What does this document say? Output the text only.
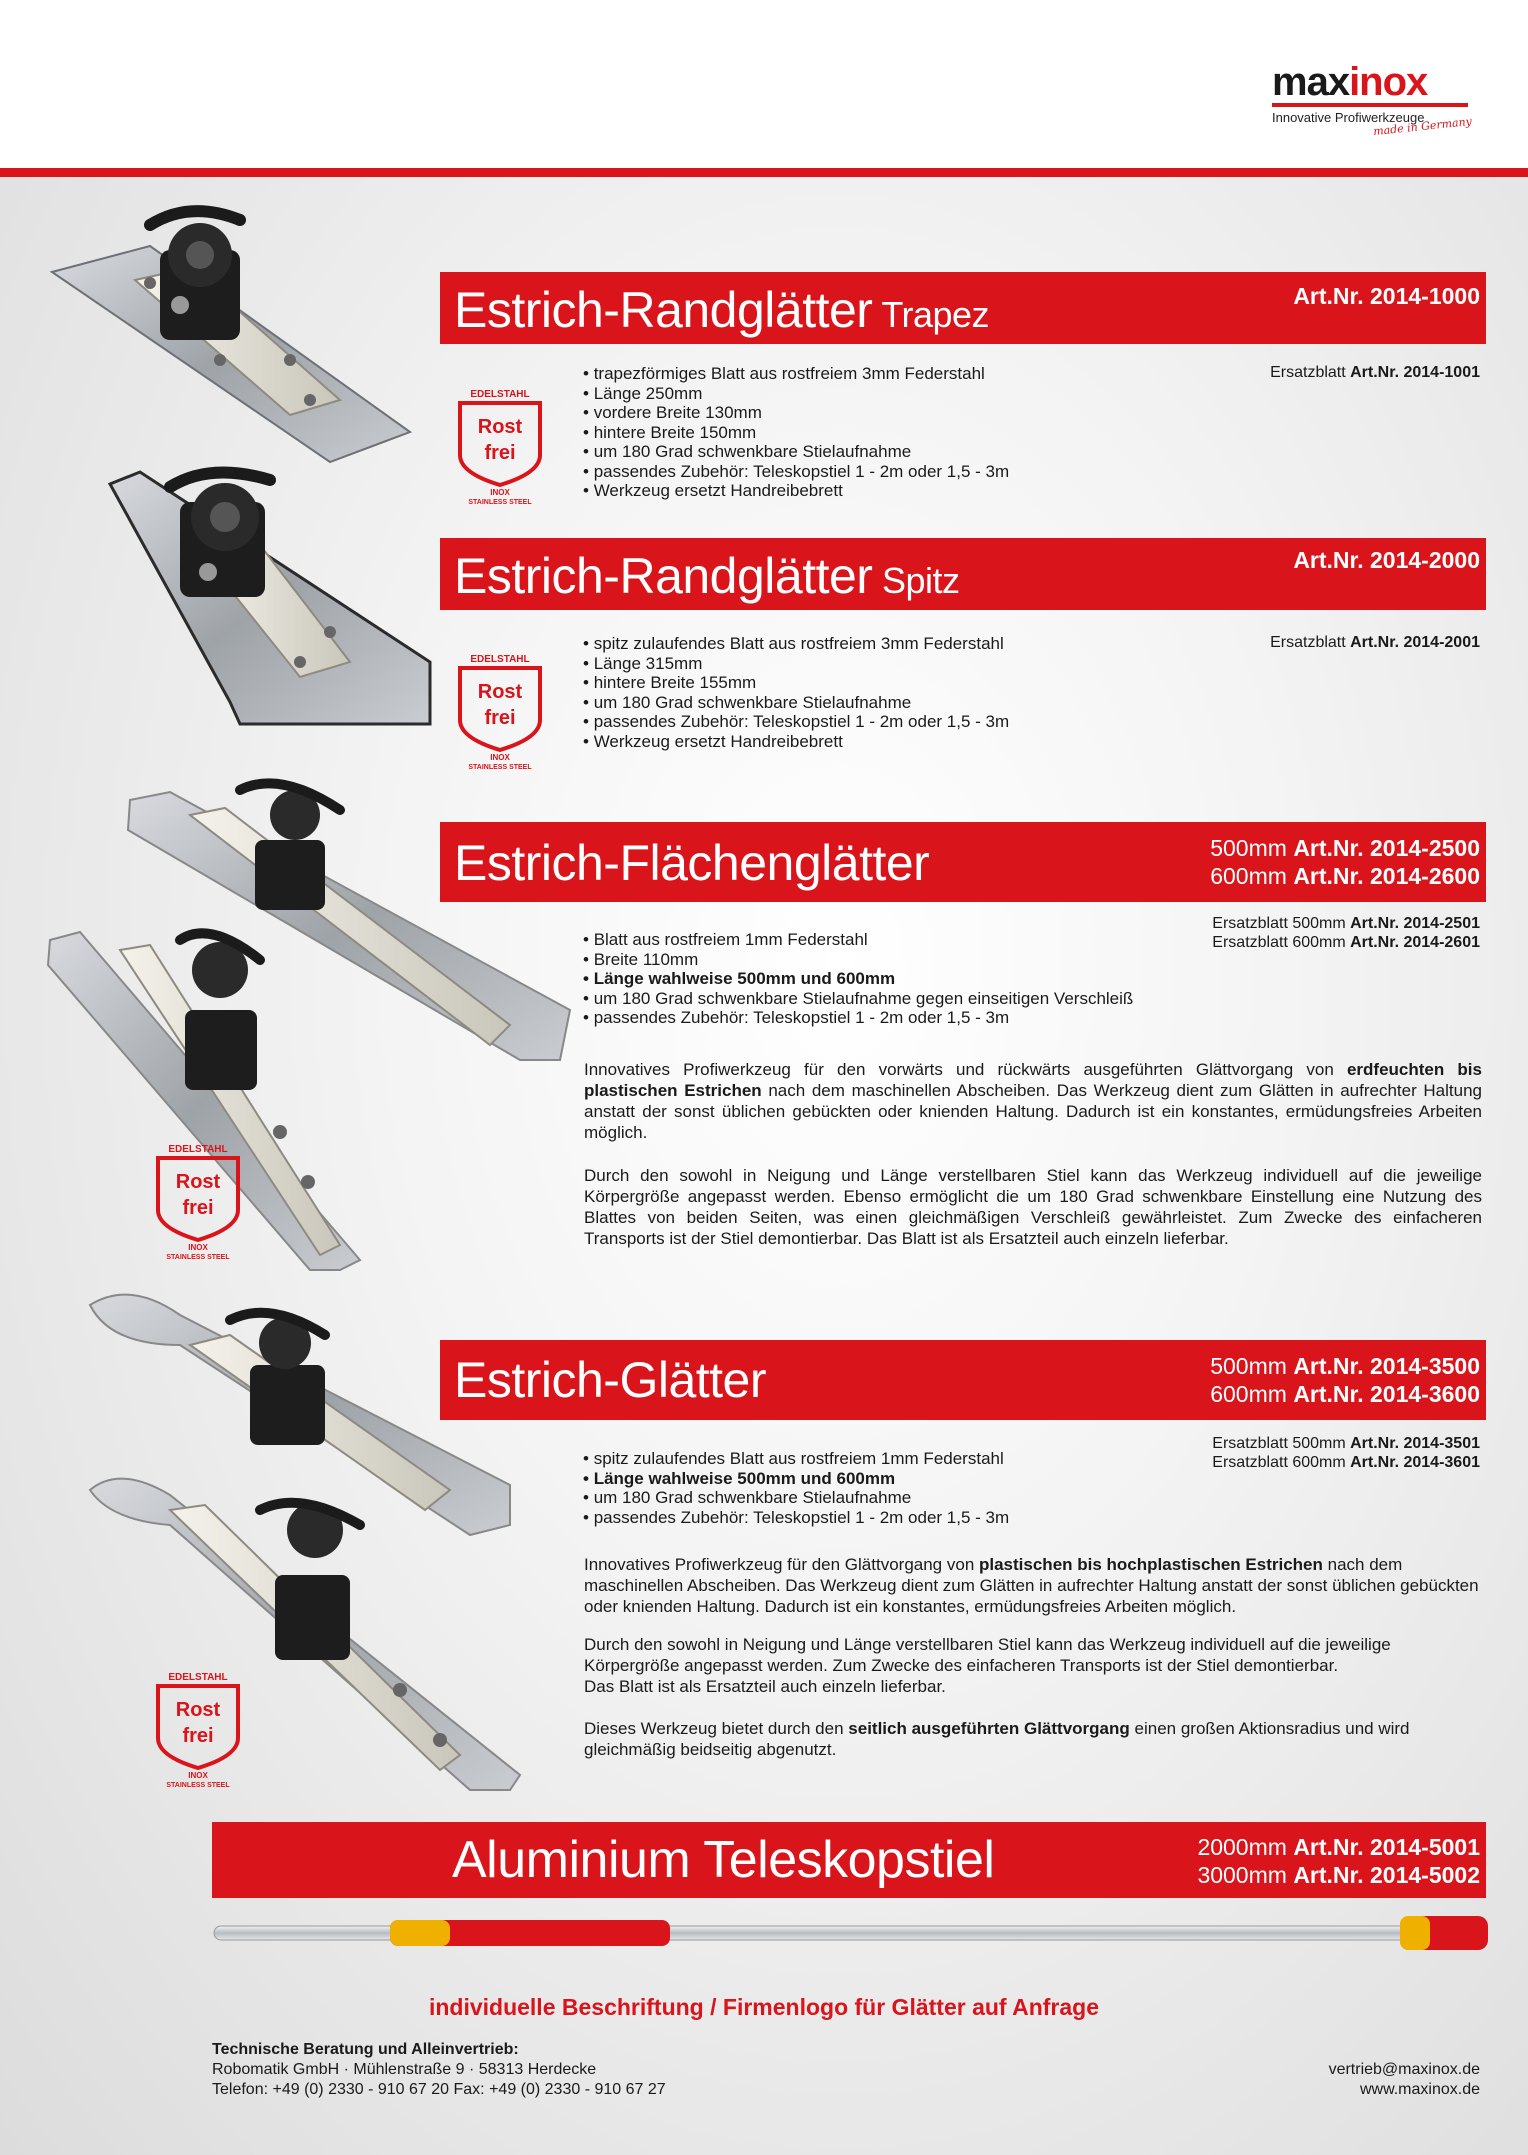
maxinox
Innovative Profiwerkzeuge
made in Germany
EDELSTAHL
Rost
frei
INOX
STAINLESS STEEL
Estrich-Randglätter Trapez	Art.Nr. 2014-1000
Ersatzblatt Art.Nr. 2014-1001
• trapezförmiges Blatt aus rostfreiem 3mm Federstahl
• Länge 250mm
• vordere Breite 130mm
• hintere Breite 150mm
• um 180 Grad schwenkbare Stielaufnahme
• passendes Zubehör: Teleskopstiel 1 - 2m oder 1,5 - 3m
• Werkzeug ersetzt Handreibebrett
EDELSTAHL
Rost
frei
INOX
STAINLESS STEEL
Estrich-Randglätter Spitz	Art.Nr. 2014-2000
Ersatzblatt Art.Nr. 2014-2001
• spitz zulaufendes Blatt aus rostfreiem 3mm Federstahl
• Länge 315mm
• hintere Breite 155mm
• um 180 Grad schwenkbare Stielaufnahme
• passendes Zubehör: Teleskopstiel 1 - 2m oder 1,5 - 3m
• Werkzeug ersetzt Handreibebrett
EDELSTAHL
Rost
frei
INOX
STAINLESS STEEL
Estrich-Flächenglätter	500mm Art.Nr. 2014-2500
600mm Art.Nr. 2014-2600
Ersatzblatt 500mm Art.Nr. 2014-2501
Ersatzblatt 600mm Art.Nr. 2014-2601
• Blatt aus rostfreiem 1mm Federstahl
• Breite 110mm
• Länge wahlweise 500mm und 600mm
• um 180 Grad schwenkbare Stielaufnahme gegen einseitigen Verschleiß
• passendes Zubehör: Teleskopstiel 1 - 2m oder 1,5 - 3m

Innovatives Profiwerkzeug für den vorwärts und rückwärts ausgeführten Glättvorgang von erdfeuchten bis plastischen Estrichen nach dem maschinellen Abscheiben. Das Werkzeug dient zum Glätten in aufrechter Haltung anstatt der sonst üblichen gebückten oder knienden Haltung. Dadurch ist ein konstantes, ermüdungsfreies Arbeiten möglich.

Durch den sowohl in Neigung und Länge verstellbaren Stiel kann das Werkzeug individuell auf die jeweilige Körpergröße angepasst werden. Ebenso ermöglicht die um 180 Grad schwenkbare Einstellung eine Nutzung des Blattes von beiden Seiten, was einen gleichmäßigen Verschleiß gewährleistet. Zum Zwecke des einfacheren Transports ist der Stiel demontierbar. Das Blatt ist als Ersatzteil auch einzeln lieferbar.

EDELSTAHL
Rost
frei
INOX
STAINLESS STEEL
Estrich-Glätter	500mm Art.Nr. 2014-3500
600mm Art.Nr. 2014-3600
Ersatzblatt 500mm Art.Nr. 2014-3501
Ersatzblatt 600mm Art.Nr. 2014-3601
• spitz zulaufendes Blatt aus rostfreiem 1mm Federstahl
• Länge wahlweise 500mm und 600mm
• um 180 Grad schwenkbare Stielaufnahme
• passendes Zubehör: Teleskopstiel 1 - 2m oder 1,5 - 3m

Innovatives Profiwerkzeug für den Glättvorgang von plastischen bis hochplastischen Estrichen nach dem maschinellen Abscheiben. Das Werkzeug dient zum Glätten in aufrechter Haltung anstatt der sonst üblichen gebückten oder knienden Haltung. Dadurch ist ein konstantes, ermüdungsfreies Arbeiten möglich.

Durch den sowohl in Neigung und Länge verstellbaren Stiel kann das Werkzeug individuell auf die jeweilige Körpergröße angepasst werden. Zum Zwecke des einfacheren Transports ist der Stiel demontierbar.
Das Blatt ist als Ersatzteil auch einzeln lieferbar.

Dieses Werkzeug bietet durch den seitlich ausgeführten Glättvorgang einen großen Aktionsradius und wird gleichmäßig beidseitig abgenutzt.

Aluminium Teleskopstiel	2000mm Art.Nr. 2014-5001
3000mm Art.Nr. 2014-5002
individuelle Beschriftung / Firmenlogo für Glätter auf Anfrage
Technische Beratung und Alleinvertrieb:
Robomatik GmbH · Mühlenstraße 9 · 58313 Herdecke
Telefon: +49 (0) 2330 - 910 67 20 Fax: +49 (0) 2330 - 910 67 27
vertrieb@maxinox.de
www.maxinox.de
